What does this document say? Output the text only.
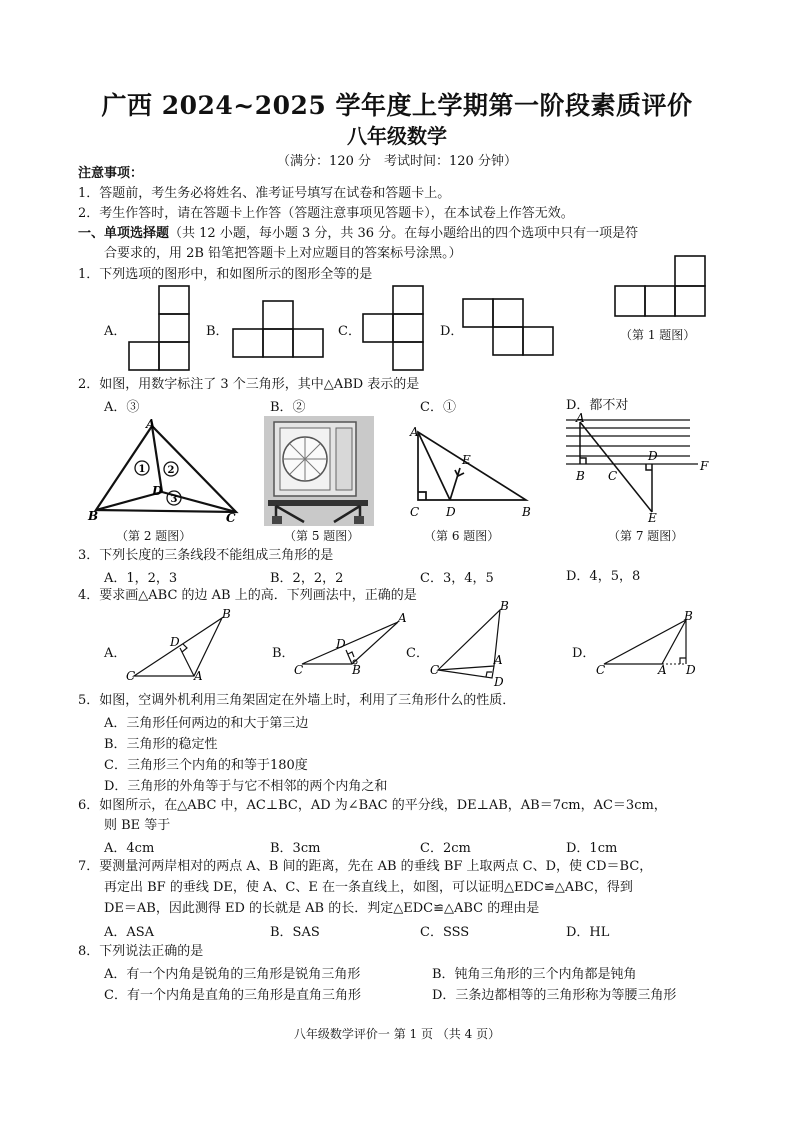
广西 2024~2025 学年度上学期第一阶段素质评价
八年级数学
（满分：120 分　考试时间：120 分钟）
注意事项：
1．答题前，考生务必将姓名、准考证号填写在试卷和答题卡上。
2．考生作答时，请在答题卡上作答（答题注意事项见答题卡），在本试卷上作答无效。
一、单项选择题（共 12 小题，每小题 3 分，共 36 分。在每小题给出的四个选项中只有一项是符
合要求的，用 2B 铅笔把答题卡上对应题目的答案标号涂黑。）
1．下列选项的图形中，和如图所示的图形全等的是
A．	B．	C．	D．	（第 1 题图）
2．如图，用数字标注了 3 个三角形，其中△ABD 表示的是
A．③	B．②	C．①	D．都不对
1 2
3
A
B	C
D
A
C D	B
E
A
B C
D
F
E
（第 2 题图）	（第 5 题图）	（第 6 题图）	（第 7 题图）
3．下列长度的三条线段不能组成三角形的是
A．1，2，3	B．2，2，2	C．3，4，5	D．4，5，8
4．要求画△ABC 的边 AB 上的高．下列画法中，正确的是
A．
C
B
A
D
B．
C
A
B
D
C．
C
B
A
D
D．
C
B
A D
5．如图，空调外机利用三角架固定在外墙上时，利用了三角形什么的性质．
A．三角形任何两边的和大于第三边
B．三角形的稳定性
C．三角形三个内角的和等于180度
D．三角形的外角等于与它不相邻的两个内角之和
6．如图所示，在△ABC 中，AC⊥BC，AD 为∠BAC 的平分线，DE⊥AB，AB＝7cm，AC＝3cm，
则 BE 等于
A．4cm	B．3cm	C．2cm	D．1cm
7．要测量河两岸相对的两点 A、B 间的距离，先在 AB 的垂线 BF 上取两点 C、D，使 CD＝BC，
再定出 BF 的垂线 DE，使 A、C、E 在一条直线上，如图，可以证明△EDC≌△ABC，得到
DE＝AB，因此测得 ED 的长就是 AB 的长．判定△EDC≌△ABC 的理由是
A．ASA	B．SAS	C．SSS	D．HL
8．下列说法正确的是
A．有一个内角是锐角的三角形是锐角三角形	B．钝角三角形的三个内角都是钝角
C．有一个内角是直角的三角形是直角三角形	D．三条边都相等的三角形称为等腰三角形
八年级数学评价一 第 1 页 （共 4 页）
